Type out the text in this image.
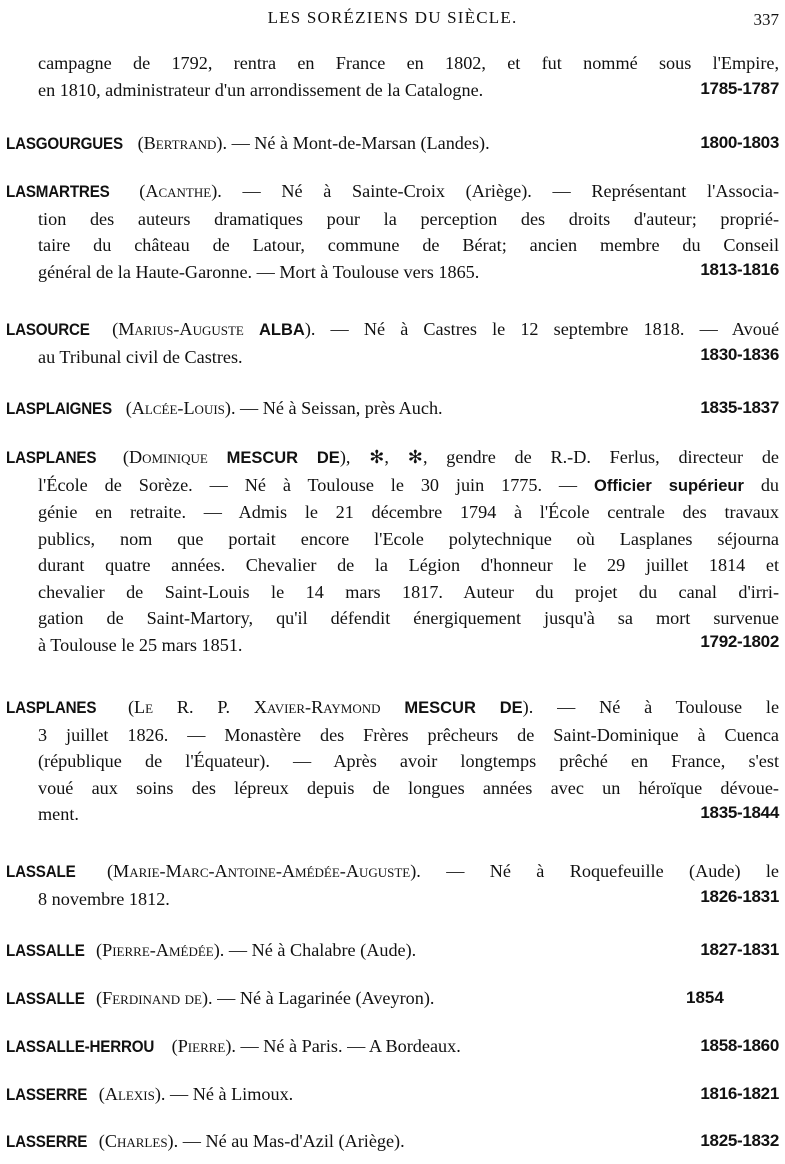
LES SORÉZIENS DU SIÈCLE.	337
campagne de 1792, rentra en France en 1802, et fut nommé sous l'Empire,
en 1810, administrateur d'un arrondissement de la Catalogne.	1785-1787
LASGOURGUES (Bertrand). — Né à Mont-de-Marsan (Landes).	1800-1803
LASMARTRES (Acanthe). — Né à Sainte-Croix (Ariège). — Représentant l'Associa-
tion des auteurs dramatiques pour la perception des droits d'auteur; proprié-
taire du château de Latour, commune de Bérat; ancien membre du Conseil
général de la Haute-Garonne. — Mort à Toulouse vers 1865.	1813-1816
LASOURCE (Marius-Auguste ALBA). — Né à Castres le 12 septembre 1818. — Avoué
au Tribunal civil de Castres.	1830-1836
LASPLAIGNES (Alcée-Louis). — Né à Seissan, près Auch.	1835-1837
LASPLANES (Dominique MESCUR DE), ✻, ✻, gendre de R.-D. Ferlus, directeur de
l'École de Sorèze. — Né à Toulouse le 30 juin 1775. — Officier supérieur du
génie en retraite. — Admis le 21 décembre 1794 à l'École centrale des travaux
publics, nom que portait encore l'Ecole polytechnique où Lasplanes séjourna
durant quatre années. Chevalier de la Légion d'honneur le 29 juillet 1814 et
chevalier de Saint-Louis le 14 mars 1817. Auteur du projet du canal d'irri-
gation de Saint-Martory, qu'il défendit énergiquement jusqu'à sa mort survenue
à Toulouse le 25 mars 1851.	1792-1802
LASPLANES (Le R. P. Xavier-Raymond MESCUR DE). — Né à Toulouse le
3 juillet 1826. — Monastère des Frères prêcheurs de Saint-Dominique à Cuenca
(république de l'Équateur). — Après avoir longtemps prêché en France, s'est
voué aux soins des lépreux depuis de longues années avec un héroïque dévoue-
ment.	1835-1844
LASSALE (Marie-Marc-Antoine-Amédée-Auguste). — Né à Roquefeuille (Aude) le
8 novembre 1812.	1826-1831
LASSALLE (Pierre-Amédée). — Né à Chalabre (Aude).	1827-1831
LASSALLE (Ferdinand de). — Né à Lagarinée (Aveyron).	1854
LASSALLE-HERROU (Pierre). — Né à Paris. — A Bordeaux.	1858-1860
LASSERRE (Alexis). — Né à Limoux.	1816-1821
LASSERRE (Charles). — Né au Mas-d'Azil (Ariège).	1825-1832
